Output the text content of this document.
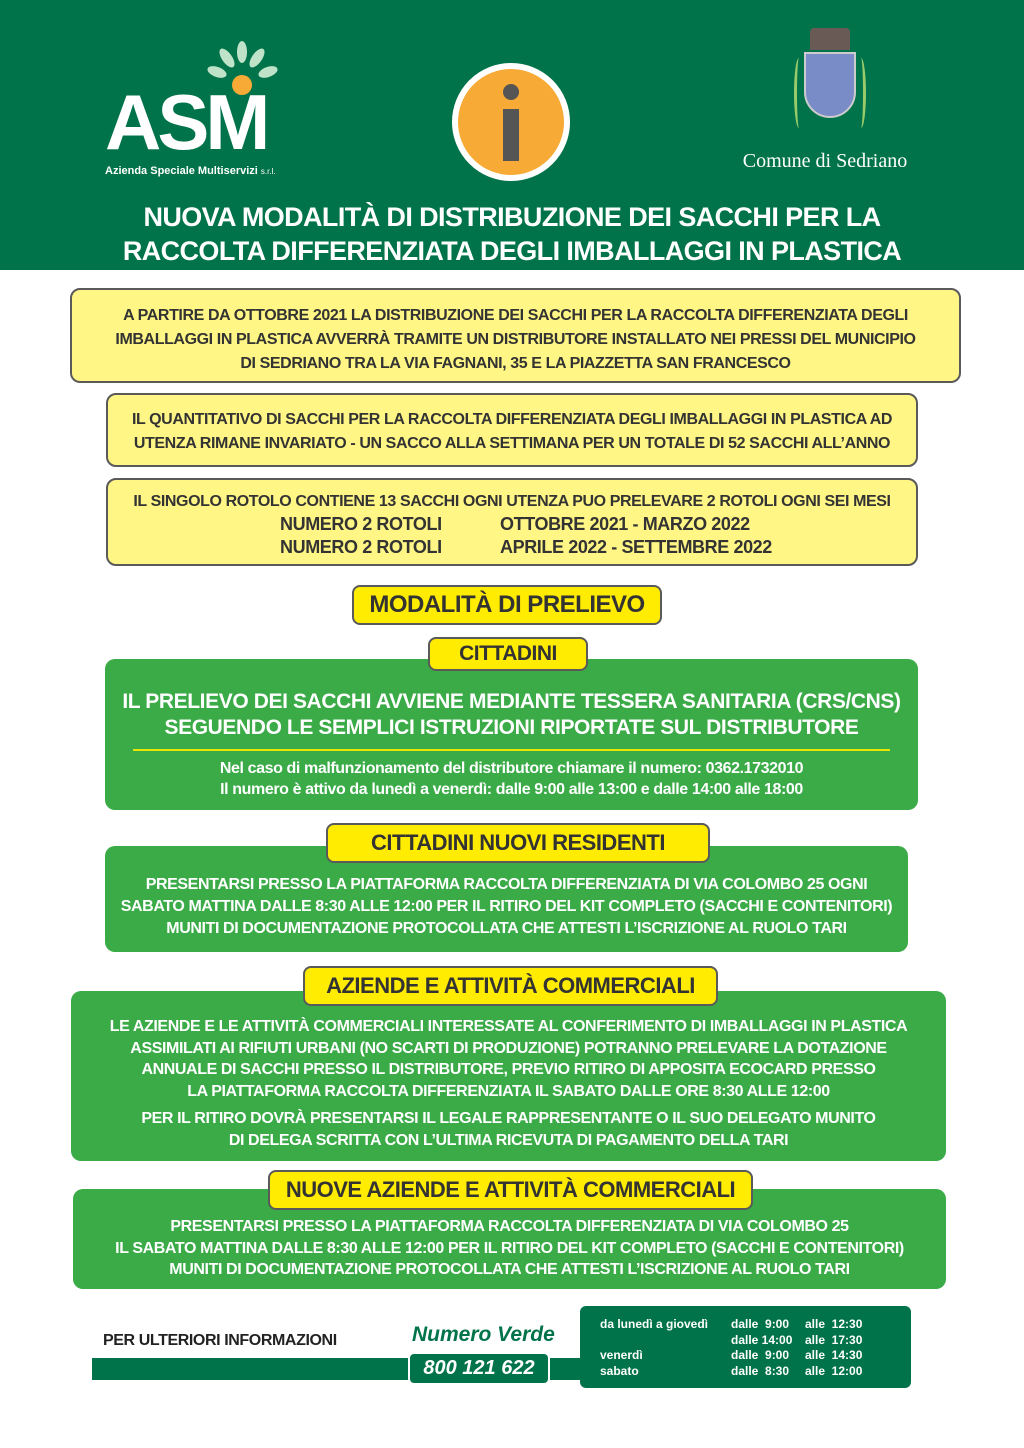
ASM
Azienda Speciale Multiservizi s.r.l.	Comune di Sedriano
NUOVA MODALITÀ DI DISTRIBUZIONE DEI SACCHI PER LA
RACCOLTA DIFFERENZIATA DEGLI IMBALLAGGI IN PLASTICA
A PARTIRE DA OTTOBRE 2021 LA DISTRIBUZIONE DEI SACCHI PER LA RACCOLTA DIFFERENZIATA DEGLI
IMBALLAGGI IN PLASTICA AVVERRÀ TRAMITE UN DISTRIBUTORE INSTALLATO NEI PRESSI DEL MUNICIPIO
DI SEDRIANO TRA LA VIA FAGNANI, 35 E LA PIAZZETTA SAN FRANCESCO
IL QUANTITATIVO DI SACCHI PER LA RACCOLTA DIFFERENZIATA DEGLI IMBALLAGGI IN PLASTICA AD
UTENZA RIMANE INVARIATO - UN SACCO ALLA SETTIMANA PER UN TOTALE DI 52 SACCHI ALL’ANNO
IL SINGOLO ROTOLO CONTIENE 13 SACCHI OGNI UTENZA PUO PRELEVARE 2 ROTOLI OGNI SEI MESI
NUMERO 2 ROTOLI	OTTOBRE 2021 - MARZO 2022
NUMERO 2 ROTOLI	APRILE 2022 - SETTEMBRE 2022
MODALITÀ DI PRELIEVO
IL PRELIEVO DEI SACCHI AVVIENE MEDIANTE TESSERA SANITARIA (CRS/CNS)
SEGUENDO LE SEMPLICI ISTRUZIONI RIPORTATE SUL DISTRIBUTORE
Nel caso di malfunzionamento del distributore chiamare il numero: 0362.1732010
Il numero è attivo da lunedì a venerdì: dalle 9:00 alle 13:00 e dalle 14:00 alle 18:00
CITTADINI
PRESENTARSI PRESSO LA PIATTAFORMA RACCOLTA DIFFERENZIATA DI VIA COLOMBO 25 OGNI
SABATO MATTINA DALLE 8:30 ALLE 12:00 PER IL RITIRO DEL KIT COMPLETO (SACCHI E CONTENITORI)
MUNITI DI DOCUMENTAZIONE PROTOCOLLATA CHE ATTESTI L’ISCRIZIONE AL RUOLO TARI
CITTADINI NUOVI RESIDENTI
LE AZIENDE E LE ATTIVITÀ COMMERCIALI INTERESSATE AL CONFERIMENTO DI IMBALLAGGI IN PLASTICA
ASSIMILATI AI RIFIUTI URBANI (NO SCARTI DI PRODUZIONE) POTRANNO PRELEVARE LA DOTAZIONE
ANNUALE DI SACCHI PRESSO IL DISTRIBUTORE, PREVIO RITIRO DI APPOSITA ECOCARD PRESSO
LA PIATTAFORMA RACCOLTA DIFFERENZIATA IL SABATO DALLE ORE 8:30 ALLE 12:00
PER IL RITIRO DOVRÀ PRESENTARSI IL LEGALE RAPPRESENTANTE O IL SUO DELEGATO MUNITO
DI DELEGA SCRITTA CON L’ULTIMA RICEVUTA DI PAGAMENTO DELLA TARI
AZIENDE E ATTIVITÀ COMMERCIALI
PRESENTARSI PRESSO LA PIATTAFORMA RACCOLTA DIFFERENZIATA DI VIA COLOMBO 25
IL SABATO MATTINA DALLE 8:30 ALLE 12:00 PER IL RITIRO DEL KIT COMPLETO (SACCHI E CONTENITORI)
MUNITI DI DOCUMENTAZIONE PROTOCOLLATA CHE ATTESTI L’ISCRIZIONE AL RUOLO TARI
NUOVE AZIENDE E ATTIVITÀ COMMERCIALI
PER ULTERIORI INFORMAZIONI	Numero Verde
800 121 622
da lunedì a giovedì dalle  9:00 alle  12:30
dalle 14:00 alle  17:30
venerdì	dalle  9:00 alle  14:30
sabato	dalle  8:30 alle  12:00
